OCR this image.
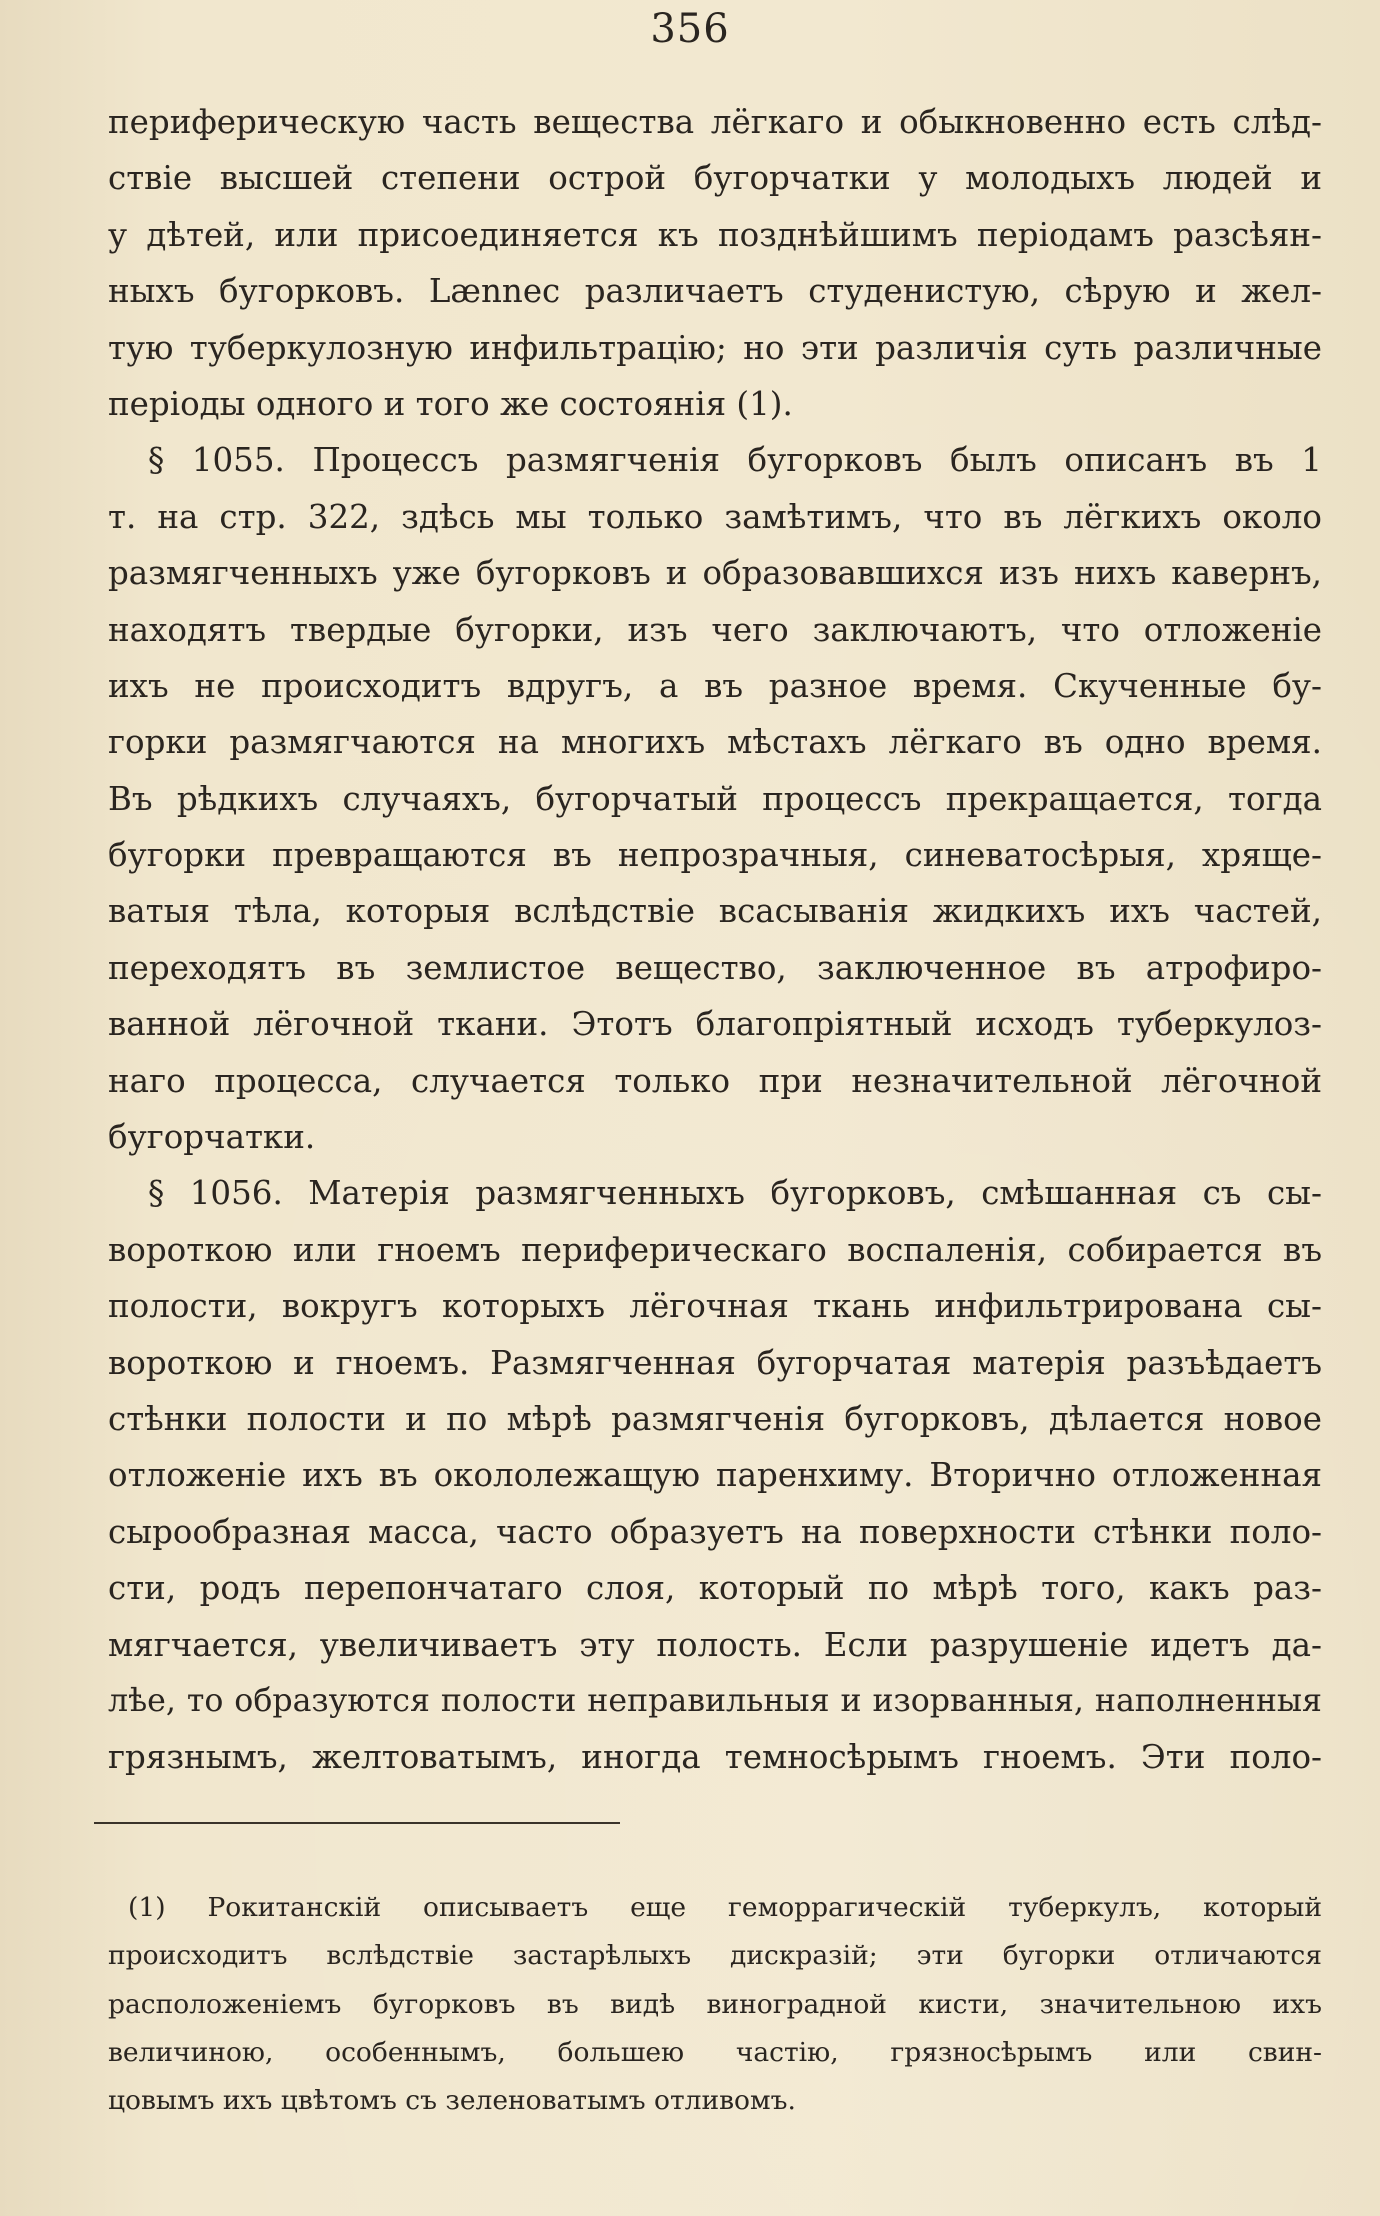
356
периферическую часть вещества лёгкаго и обыкновенно есть слѣд-
ствіе высшей степени острой бугорчатки у молодыхъ людей и
у дѣтей, или присоединяется къ позднѣйшимъ періодамъ разсѣян-
ныхъ бугорковъ. Lænnec различаетъ студенистую, сѣрую и жел-
тую туберкулозную инфильтрацію; но эти различія суть различные
періоды одного и того же состоянія (1).
§ 1055. Процессъ размягченія бугорковъ былъ описанъ въ 1
т. на стр. 322, здѣсь мы только замѣтимъ, что въ лёгкихъ около
размягченныхъ уже бугорковъ и образовавшихся изъ нихъ кавернъ,
находятъ твердые бугорки, изъ чего заключаютъ, что отложеніе
ихъ не происходитъ вдругъ, а въ разное время. Скученные бу-
горки размягчаются на многихъ мѣстахъ лёгкаго въ одно время.
Въ рѣдкихъ случаяхъ, бугорчатый процессъ прекращается, тогда
бугорки превращаются въ непрозрачныя, синеватосѣрыя, хряще-
ватыя тѣла, которыя вслѣдствіе всасыванія жидкихъ ихъ частей,
переходятъ въ землистое вещество, заключенное въ атрофиро-
ванной лёгочной ткани. Этотъ благопріятный исходъ туберкулоз-
наго процесса, случается только при незначительной лёгочной
бугорчатки.
§ 1056. Матерія размягченныхъ бугорковъ, смѣшанная съ сы-
вороткою или гноемъ периферическаго воспаленія, собирается въ
полости, вокругъ которыхъ лёгочная ткань инфильтрирована сы-
вороткою и гноемъ. Размягченная бугорчатая матерія разъѣдаетъ
стѣнки полости и по мѣрѣ размягченія бугорковъ, дѣлается новое
отложеніе ихъ въ окололежащую паренхиму. Вторично отложенная
сырообразная масса, часто образуетъ на поверхности стѣнки поло-
сти, родъ перепончатаго слоя, который по мѣрѣ того, какъ раз-
мягчается, увеличиваетъ эту полость. Если разрушеніе идетъ да-
лѣе, то образуются полости неправильныя и изорванныя, наполненныя
грязнымъ, желтоватымъ, иногда темносѣрымъ гноемъ. Эти поло-
(1) Рокитанскій описываетъ еще геморрагическій туберкулъ, который
происходитъ вслѣдствіе застарѣлыхъ дискразій; эти бугорки отличаются
расположеніемъ бугорковъ въ видѣ виноградной кисти, значительною ихъ
величиною, особеннымъ, большею частію, грязносѣрымъ или свин-
цовымъ ихъ цвѣтомъ съ зеленоватымъ отливомъ.
